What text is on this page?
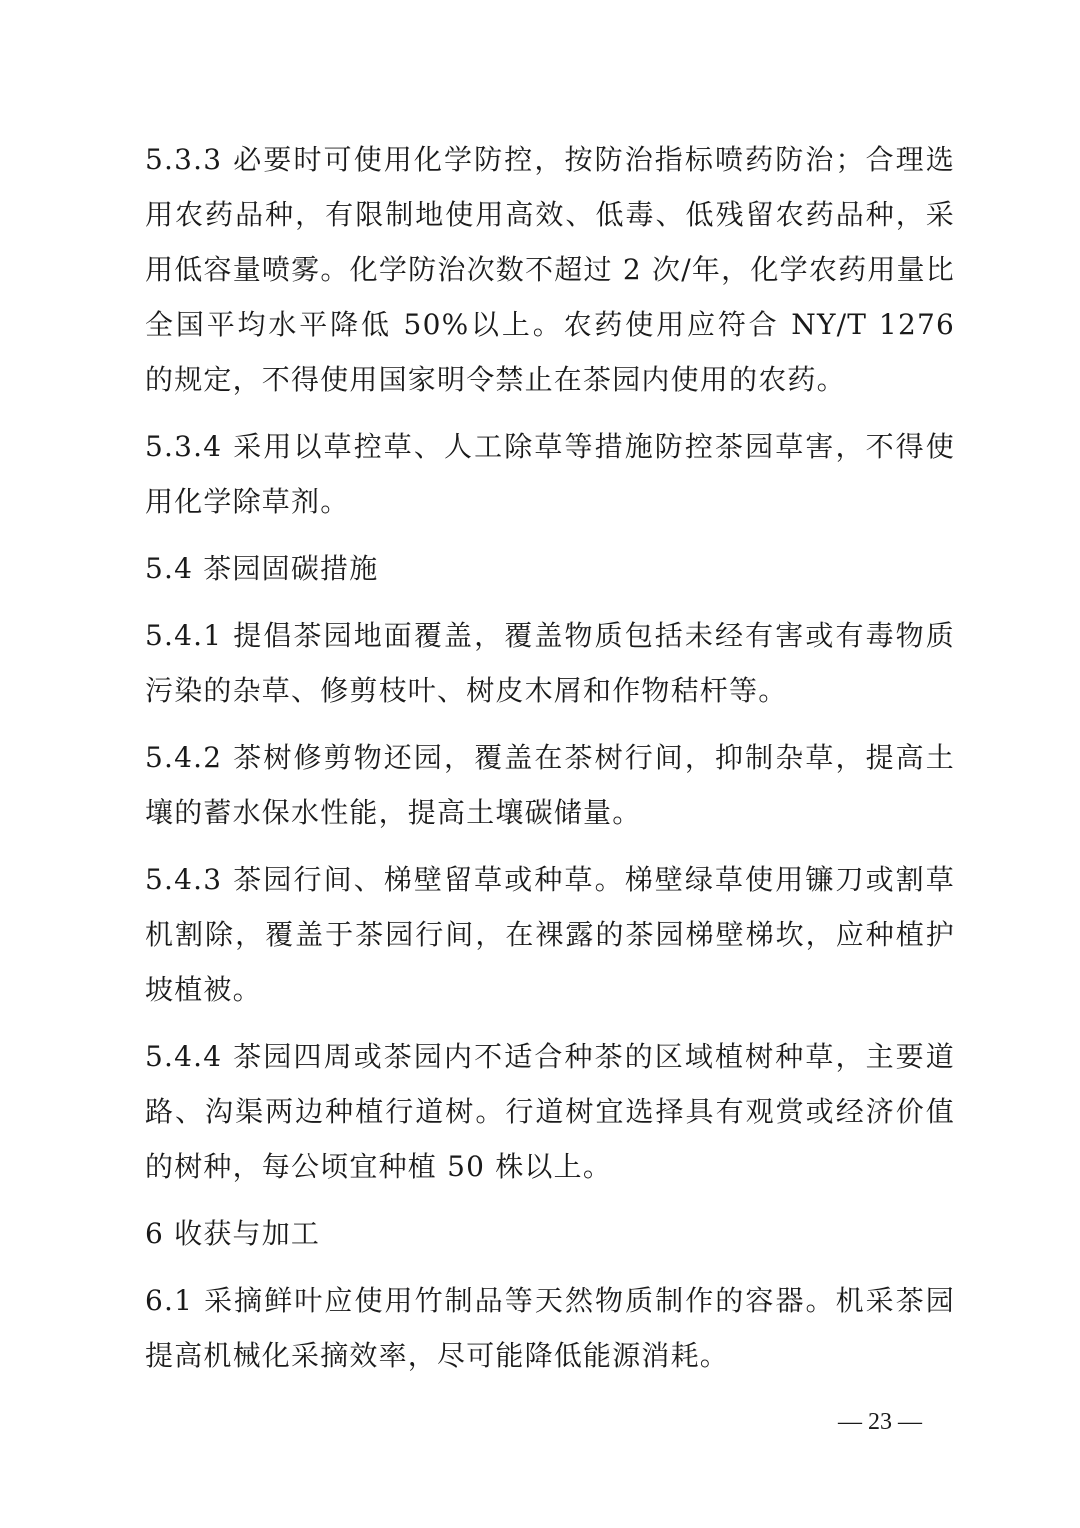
5.3.3 必要时可使用化学防控，按防治指标喷药防治；合理选用农药品种，有限制地使用高效、低毒、低残留农药品种，采用低容量喷雾。化学防治次数不超过 2 次/年，化学农药用量比全国平均水平降低 50%以上。农药使用应符合 NY/T 1276 的规定，不得使用国家明令禁止在茶园内使用的农药。

5.3.4 采用以草控草、人工除草等措施防控茶园草害，不得使用化学除草剂。

5.4 茶园固碳措施

5.4.1 提倡茶园地面覆盖，覆盖物质包括未经有害或有毒物质污染的杂草、修剪枝叶、树皮木屑和作物秸杆等。

5.4.2 茶树修剪物还园，覆盖在茶树行间，抑制杂草，提高土壤的蓄水保水性能，提高土壤碳储量。

5.4.3 茶园行间、梯壁留草或种草。梯壁绿草使用镰刀或割草机割除，覆盖于茶园行间，在裸露的茶园梯壁梯坎，应种植护坡植被。

5.4.4 茶园四周或茶园内不适合种茶的区域植树种草，主要道路、沟渠两边种植行道树。行道树宜选择具有观赏或经济价值的树种，每公顷宜种植 50 株以上。

6 收获与加工

6.1 采摘鲜叶应使用竹制品等天然物质制作的容器。机采茶园提高机械化采摘效率，尽可能降低能源消耗。

— 23 —
